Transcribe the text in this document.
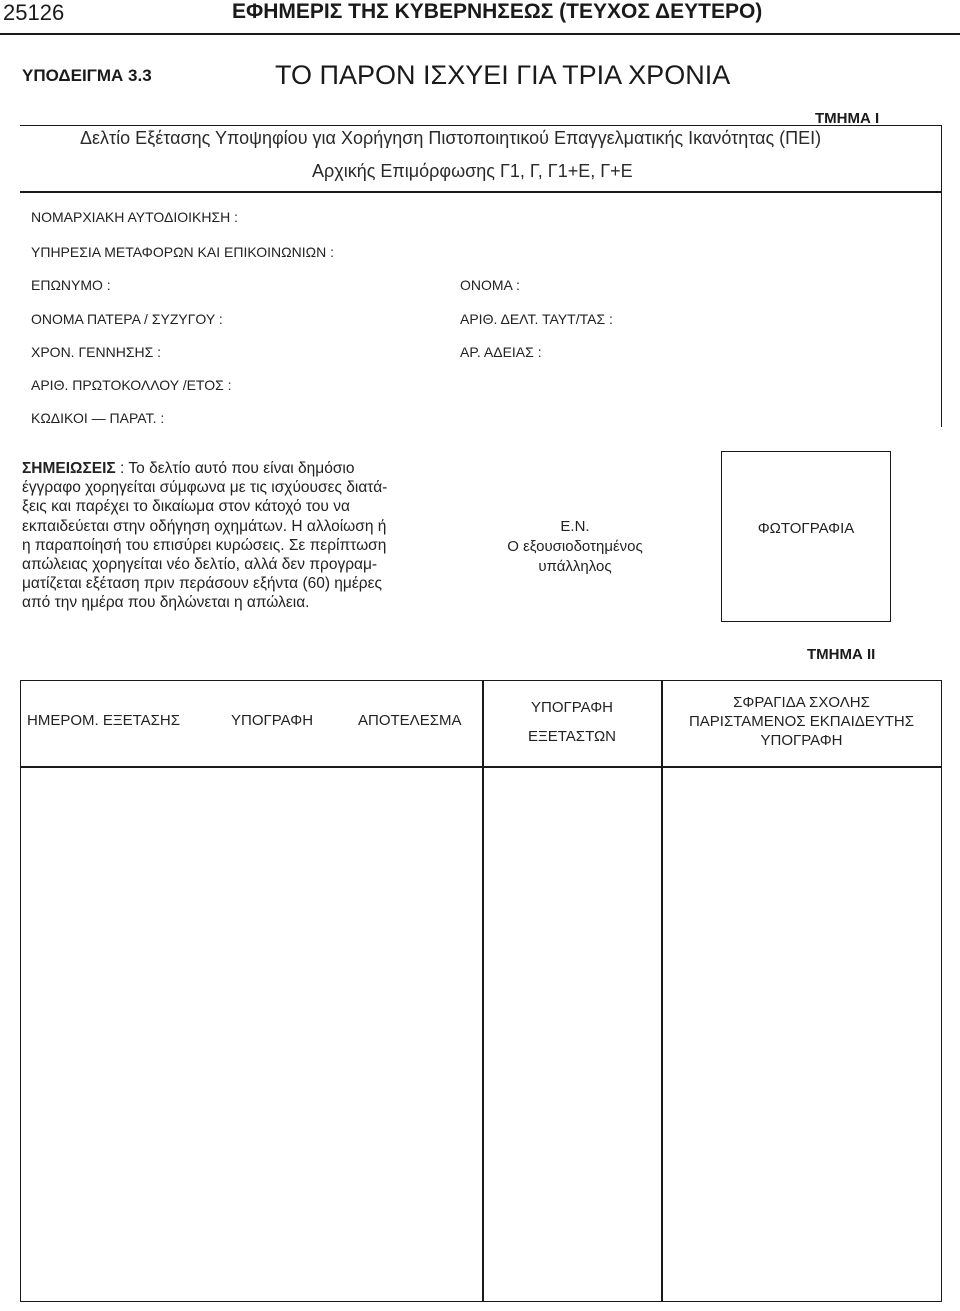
25126	ΕΦΗΜΕΡΙΣ ΤΗΣ ΚΥΒΕΡΝΗΣΕΩΣ (ΤΕΥΧΟΣ ΔΕΥΤΕΡΟ)
ΥΠΟΔΕΙΓΜΑ 3.3	ΤΟ ΠΑΡΟΝ ΙΣΧΥΕΙ ΓΙΑ ΤΡΙΑ ΧΡΟΝΙΑ
ΤΜΗΜΑ Ι
Δελτίο Εξέτασης Υποψηφίου για Χορήγηση Πιστοποιητικού Επαγγελματικής Ικανότητας (ΠΕΙ)
Αρχικής Επιμόρφωσης Γ1, Γ, Γ1+Ε, Γ+Ε
ΝΟΜΑΡΧΙΑΚΗ ΑΥΤΟΔΙΟΙΚΗΣΗ :
ΥΠΗΡΕΣΙΑ ΜΕΤΑΦΟΡΩΝ ΚΑΙ ΕΠΙΚΟΙΝΩΝΙΩΝ :
ΕΠΩΝΥΜΟ :	ΟΝΟΜΑ :
ΟΝΟΜΑ ΠΑΤΕΡΑ / ΣΥΖΥΓΟΥ :	ΑΡΙΘ. ΔΕΛΤ. ΤΑΥΤ/ΤΑΣ :
ΧΡΟΝ. ΓΕΝΝΗΣΗΣ :	ΑΡ. ΑΔΕΙΑΣ :
ΑΡΙΘ. ΠΡΩΤΟΚΟΛΛΟΥ /ΕΤΟΣ :
ΚΩΔΙΚΟΙ — ΠΑΡΑΤ. :

ΣΗΜΕΙΩΣΕΙΣ : Το δελτίο αυτό που είναι δημόσιο
έγγραφο χορηγείται σύμφωνα με τις ισχύουσες διατά-
ξεις και παρέχει το δικαίωμα στον κάτοχό του να
εκπαιδεύεται στην οδήγηση οχημάτων. Η αλλοίωση ή
η παραποίησή του επισύρει κυρώσεις. Σε περίπτωση
απώλειας χορηγείται νέο δελτίο, αλλά δεν προγραμ-
ματίζεται εξέταση πριν περάσουν εξήντα (60) ημέρες
από την ημέρα που δηλώνεται η απώλεια.

Ε.Ν.
Ο εξουσιοδοτημένος
υπάλληλος
ΦΩΤΟΓΡΑΦΙΑ
ΤΜΗΜΑ ΙΙ
ΗΜΕΡΟΜ. ΕΞΕΤΑΣΗΣ	ΥΠΟΓΡΑΦΗ	ΑΠΟΤΕΛΕΣΜΑ
ΥΠΟΓΡΑΦΗ
ΕΞΕΤΑΣΤΩΝ
ΣΦΡΑΓΙΔΑ ΣΧΟΛΗΣ
ΠΑΡΙΣΤΑΜΕΝΟΣ ΕΚΠΑΙΔΕΥΤΗΣ
ΥΠΟΓΡΑΦΗ
